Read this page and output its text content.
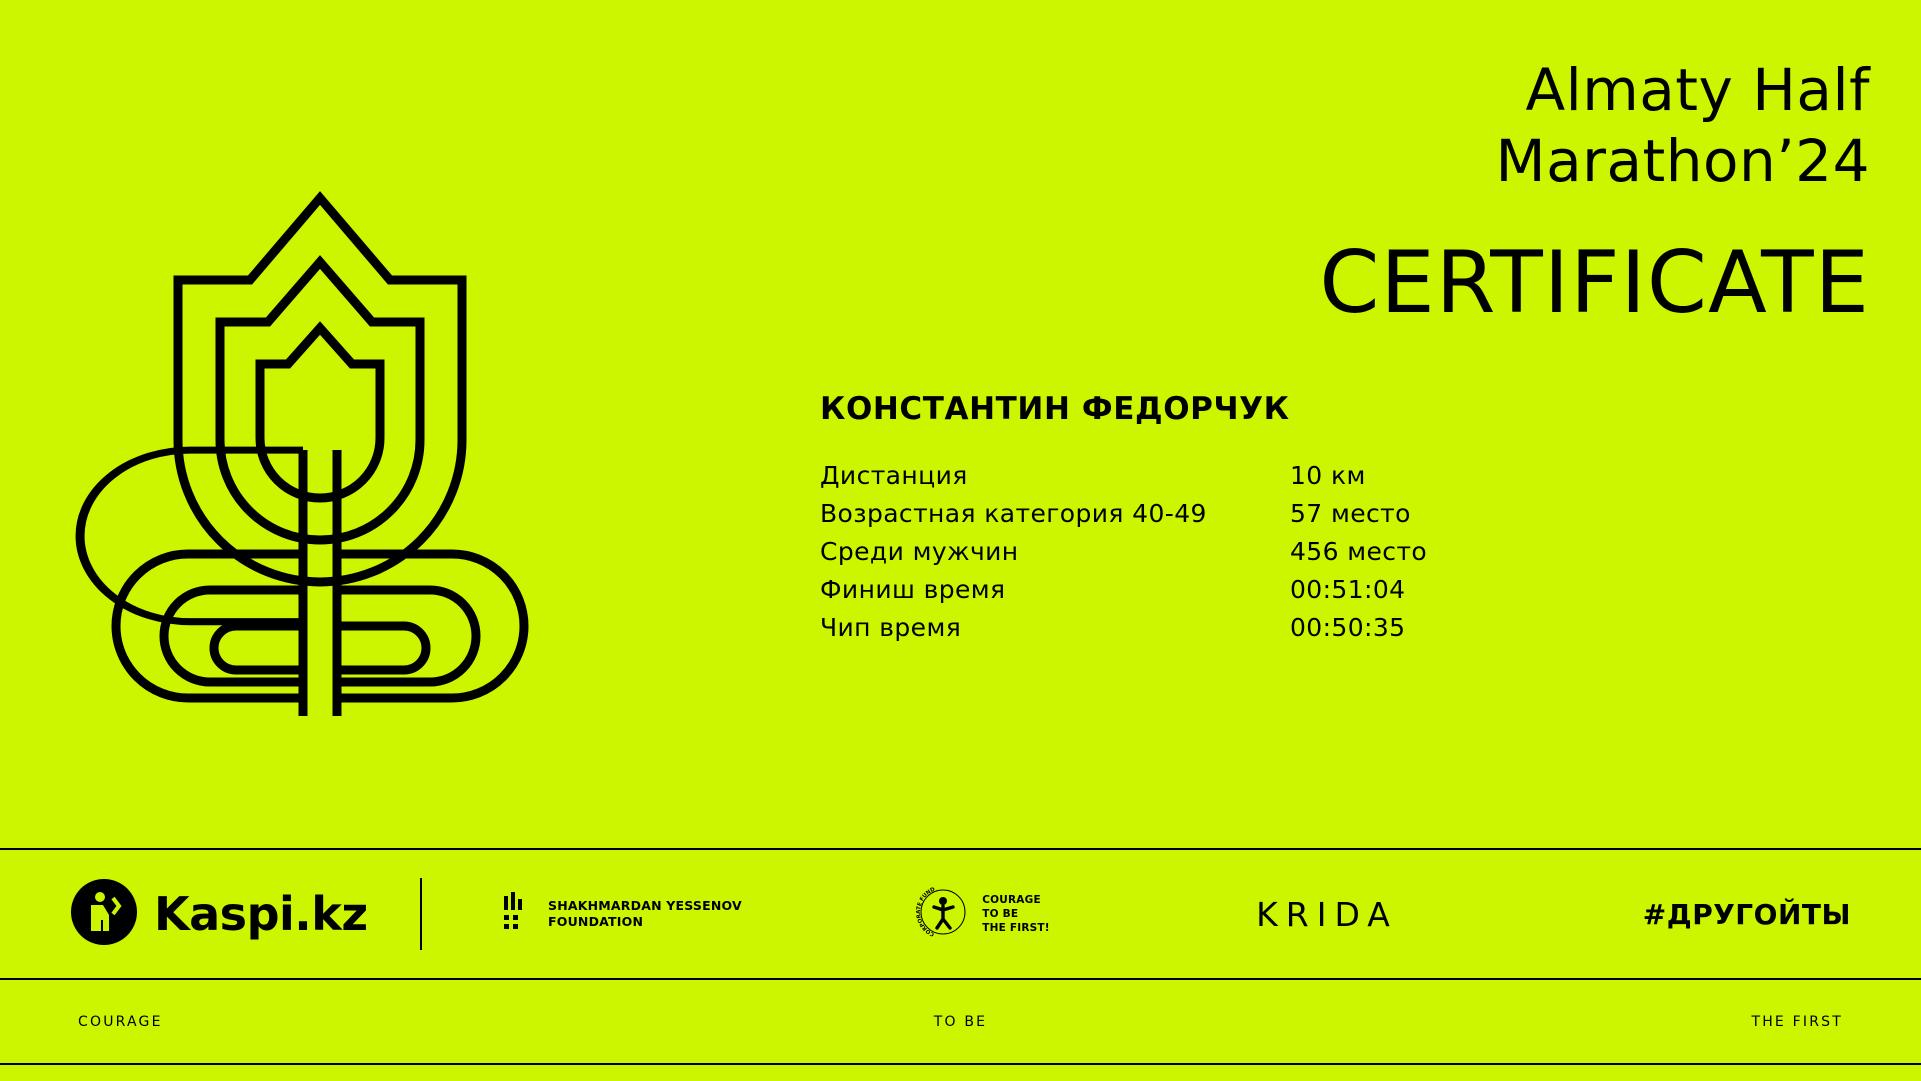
Almaty Half
Marathon’24
CERTIFICATE
КОНСТАНТИН ФЕДОРЧУК
Дистанция	10 км
Возрастная категория 40-49	57 место
Среди мужчин	456 место
Финиш время	00:51:04
Чип время	00:50:35
Kaspi.kz	SHAKHMARDAN YESSENOV
FOUNDATION
CORPORATE FUND
COURAGE
TO BE
THE FIRST!	KRIDA	#ДРУГОЙТЫ
COURAGE	TO BE	THE FIRST
